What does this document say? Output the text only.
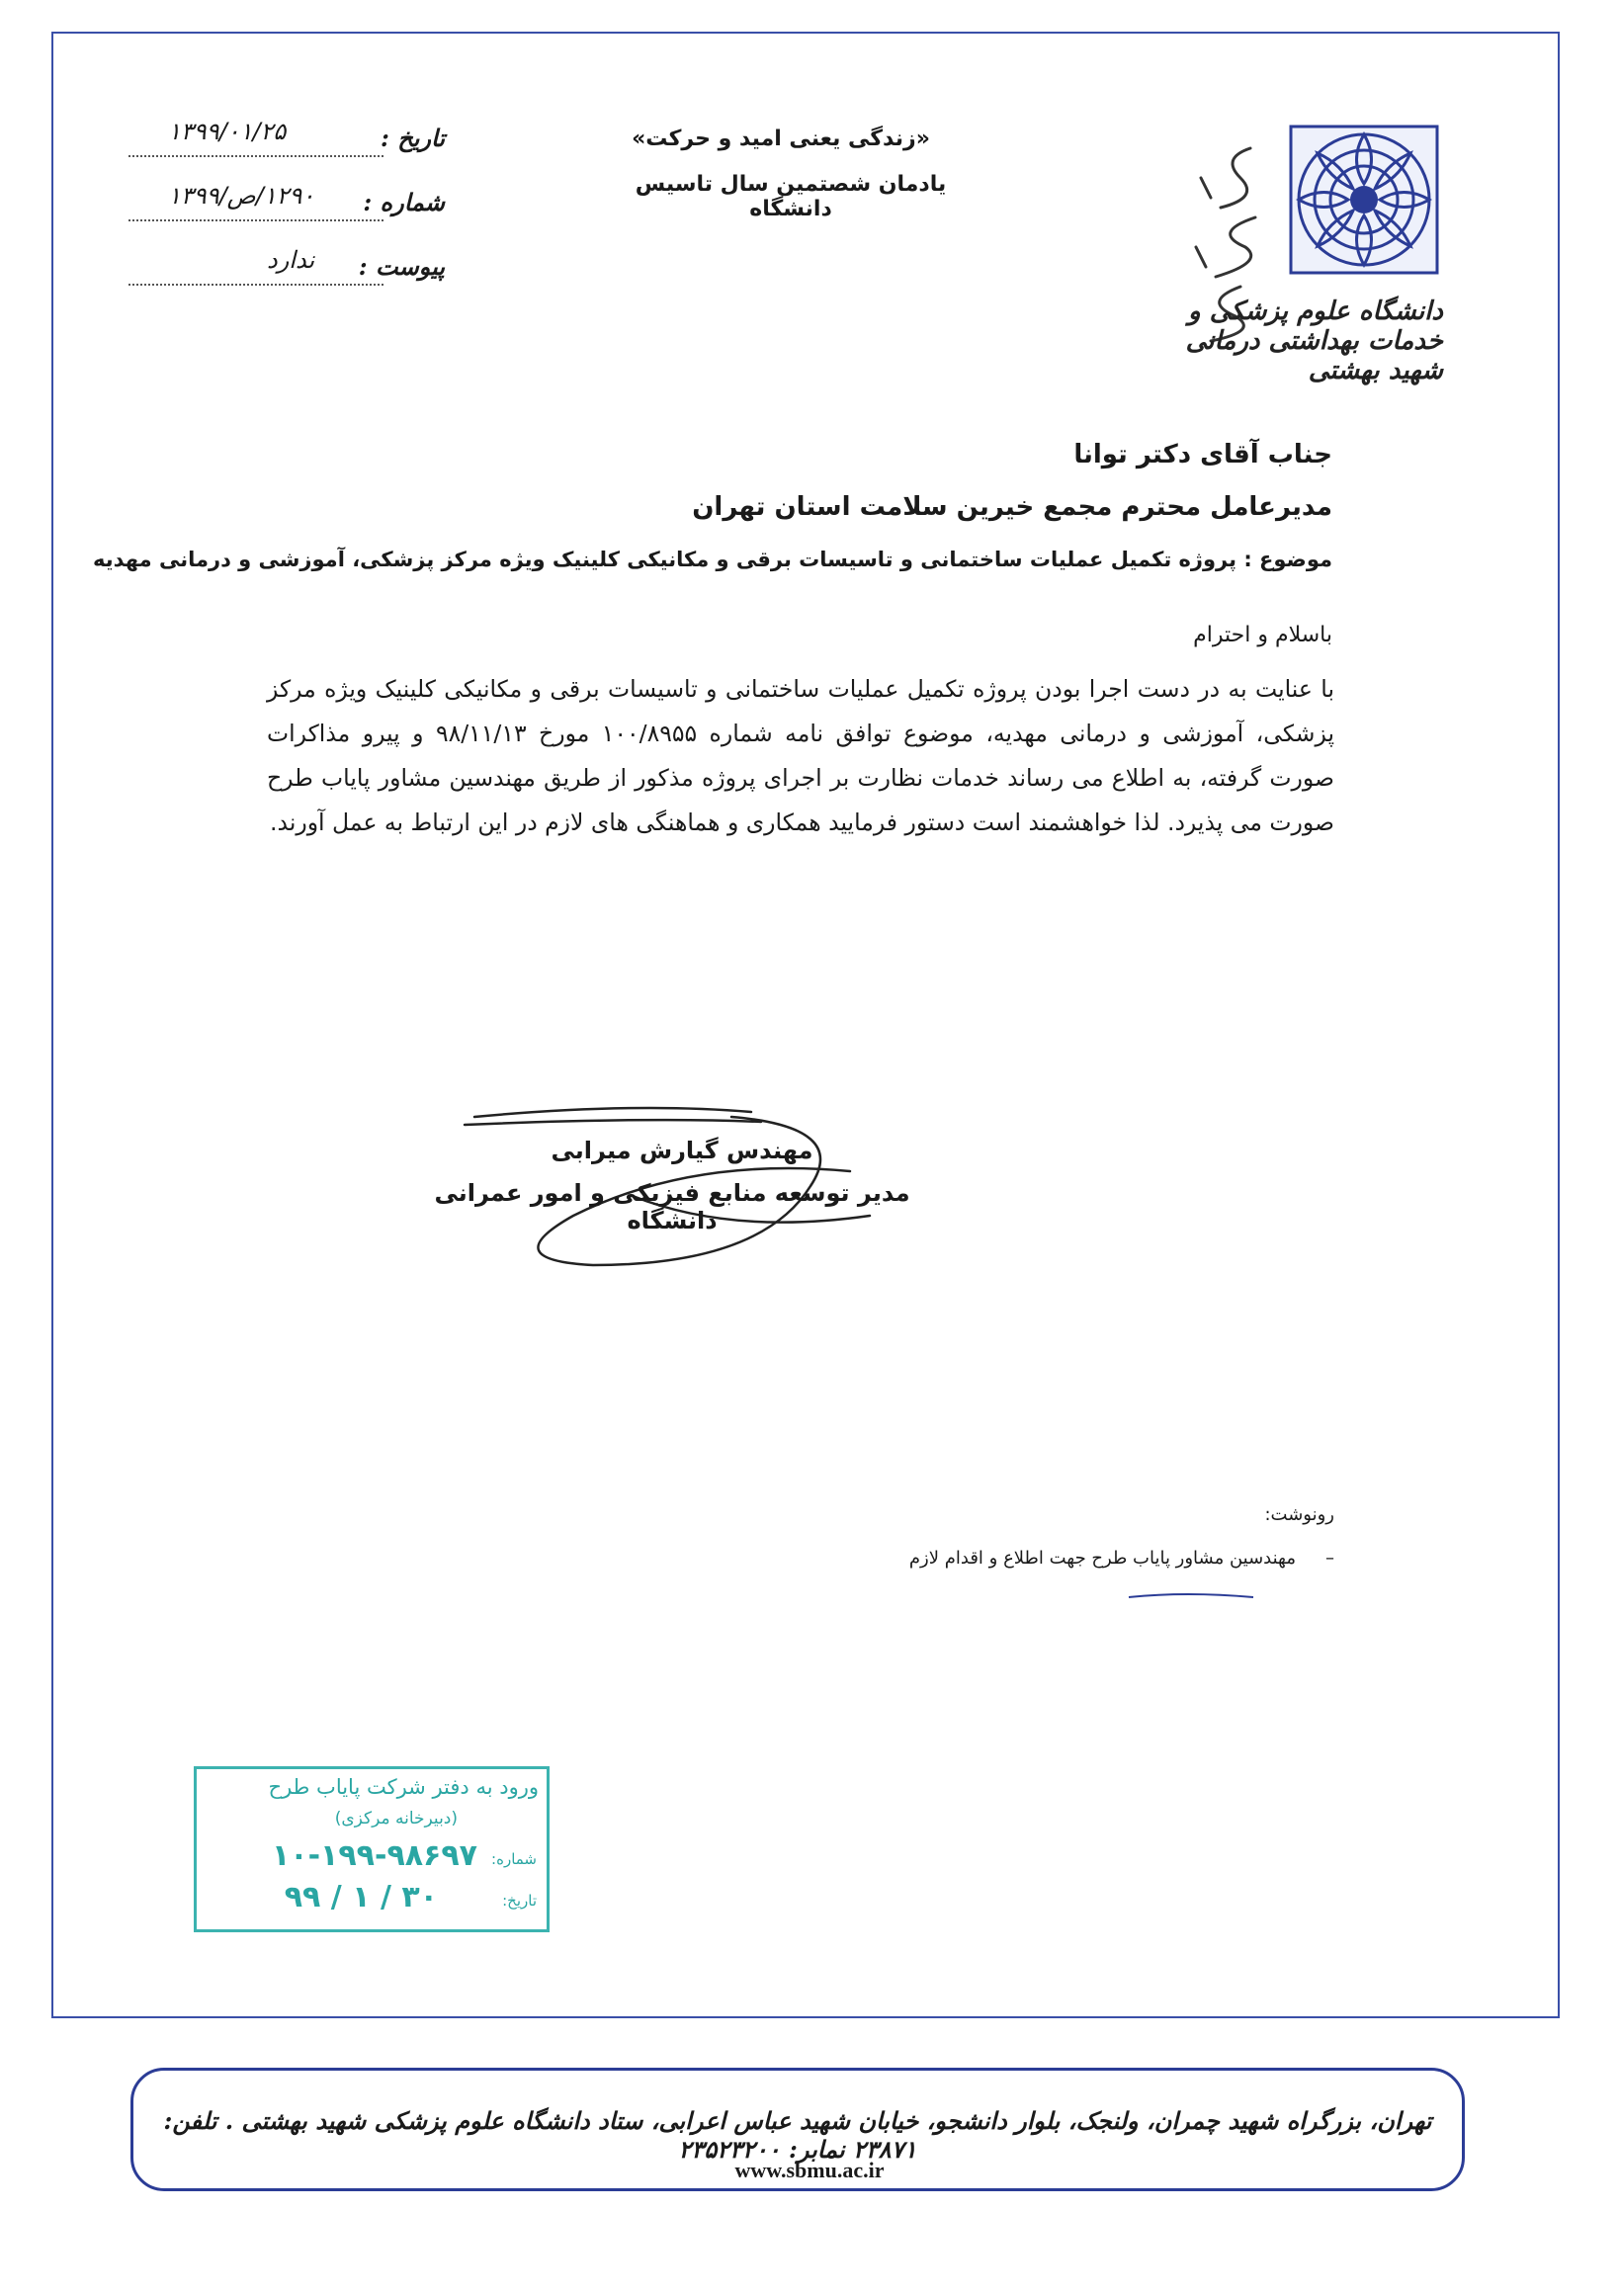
دانشگاه علوم پزشکی و خدمات بهداشتی درمانی شهید بهشتی
«زندگی یعنی امید و حرکت»
یادمان شصتمین سال تاسیس دانشگاه
تاریخ :
۱۳۹۹/۰۱/۲۵
شماره :
۱۲۹۰/ص/۱۳۹۹
پیوست :
ندارد
جناب آقای دکتر توانا
مدیرعامل محترم مجمع خیرین سلامت استان تهران
موضوع : پروژه تکمیل عملیات ساختمانی و تاسیسات برقی و مکانیکی کلینیک ویژه مرکز پزشکی، آموزشی و درمانی مهدیه
باسلام و احترام
با عنایت به در دست اجرا بودن پروژه تکمیل عملیات ساختمانی و تاسیسات برقی و مکانیکی کلینیک ویژه مرکز پزشکی، آموزشی و درمانی مهدیه، موضوع توافق نامه شماره ۱۰۰/۸۹۵۵ مورخ ۹۸/۱۱/۱۳ و پیرو مذاکرات صورت گرفته، به اطلاع می رساند خدمات نظارت بر اجرای پروژه مذکور از طریق مهندسین مشاور پایاب طرح صورت می پذیرد. لذا خواهشمند است دستور فرمایید همکاری و هماهنگی های لازم در این ارتباط به عمل آورند.
مهندس گیارش میرابی
مدیر توسعه منابع فیزیکی و امور عمرانی دانشگاه
رونوشت:
–مهندسین مشاور پایاب طرح جهت اطلاع و اقدام لازم
ورود به دفتر شرکت پایاب طرح
(دبیرخانه مرکزی)
شماره:
۱۰-۱۹۹-۹۸۶۹۷
تاریخ:
۳۰ / ۱ / ۹۹
تهران، بزرگراه شهید چمران، ولنجک، بلوار دانشجو، خیابان شهید عباس اعرابی، ستاد دانشگاه علوم پزشکی شهید بهشتی . تلفن: ۲۳۸۷۱ نمابر: ۲۳۵۲۳۲۰۰
www.sbmu.ac.ir
